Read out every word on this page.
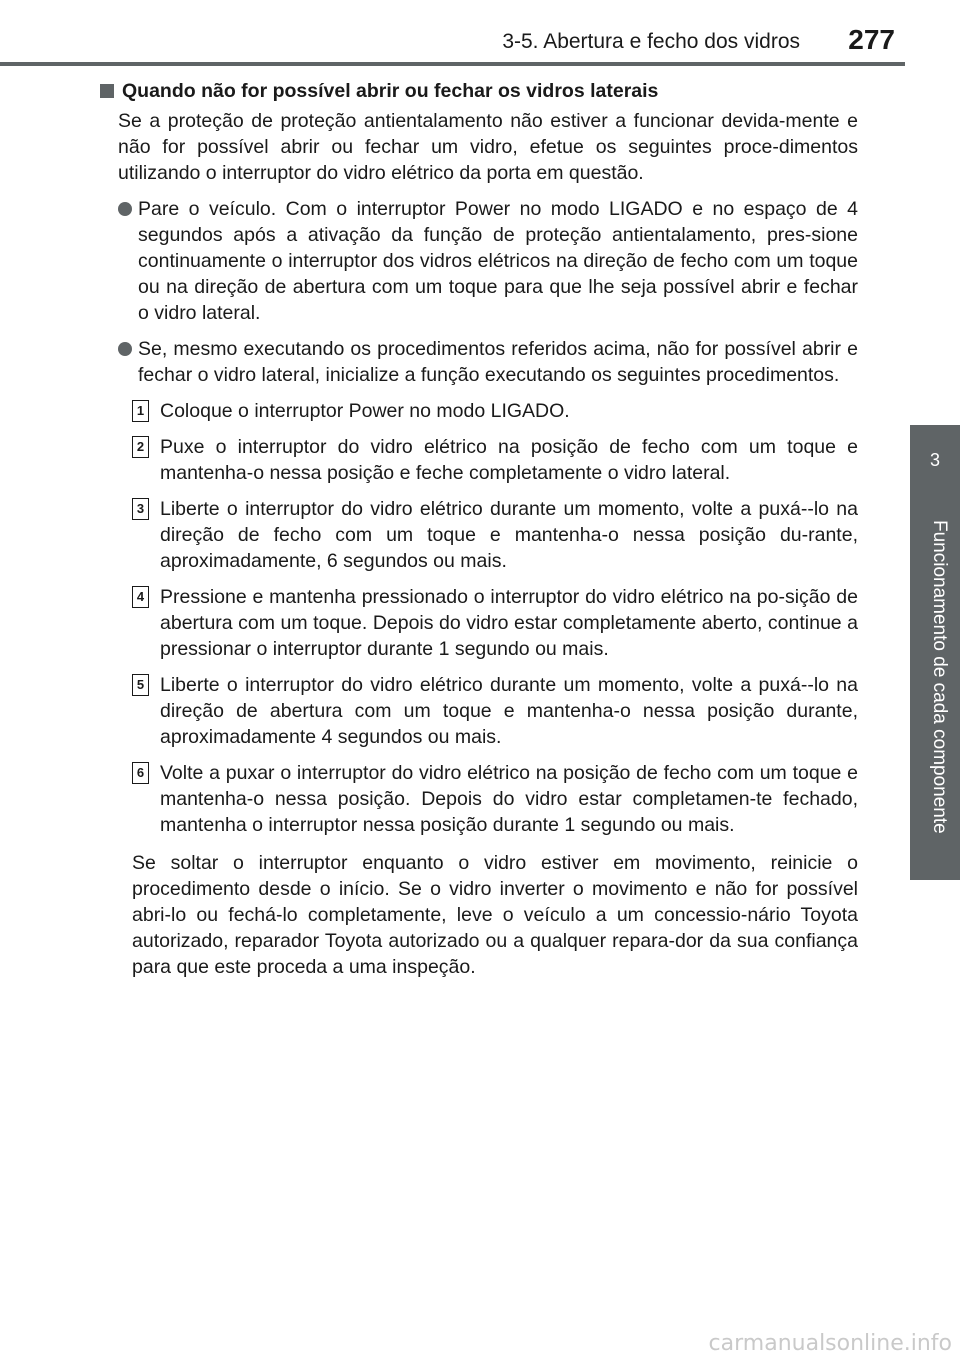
3-5. Abertura e fecho dos vidros	277
3
Funcionamento de cada componente
Quando não for possível abrir ou fechar os vidros laterais

Se a proteção de proteção antientalamento não estiver a funcionar devida-mente e não for possível abrir ou fechar um vidro, efetue os seguintes proce-dimentos utilizando o interruptor do vidro elétrico da porta em questão.

Pare o veículo. Com o interruptor Power no modo LIGADO e no espaço de 4 segundos após a ativação da função de proteção antientalamento, pres-sione continuamente o interruptor dos vidros elétricos na direção de fecho com um toque ou na direção de abertura com um toque para que lhe seja possível abrir e fechar o vidro lateral.
Se, mesmo executando os procedimentos referidos acima, não for possível abrir e fechar o vidro lateral, inicialize a função executando os seguintes procedimentos.
1 Coloque o interruptor Power no modo LIGADO.
2 Puxe o interruptor do vidro elétrico na posição de fecho com um toque e mantenha-o nessa posição e feche completamente o vidro lateral.
3 Liberte o interruptor do vidro elétrico durante um momento, volte a puxá--lo na direção de fecho com um toque e mantenha-o nessa posição du-rante, aproximadamente, 6 segundos ou mais.
4 Pressione e mantenha pressionado o interruptor do vidro elétrico na po-sição de abertura com um toque. Depois do vidro estar completamente aberto, continue a pressionar o interruptor durante 1 segundo ou mais.
5 Liberte o interruptor do vidro elétrico durante um momento, volte a puxá--lo na direção de abertura com um toque e mantenha-o nessa posição durante, aproximadamente 4 segundos ou mais.
6 Volte a puxar o interruptor do vidro elétrico na posição de fecho com um toque e mantenha-o nessa posição. Depois do vidro estar completamen-te fechado, mantenha o interruptor nessa posição durante 1 segundo ou mais.

Se soltar o interruptor enquanto o vidro estiver em movimento, reinicie o procedimento desde o início. Se o vidro inverter o movimento e não for possível abri-lo ou fechá-lo completamente, leve o veículo a um concessio-nário Toyota autorizado, reparador Toyota autorizado ou a qualquer repara-dor da sua confiança para que este proceda a uma inspeção.

carmanualsonline.info
